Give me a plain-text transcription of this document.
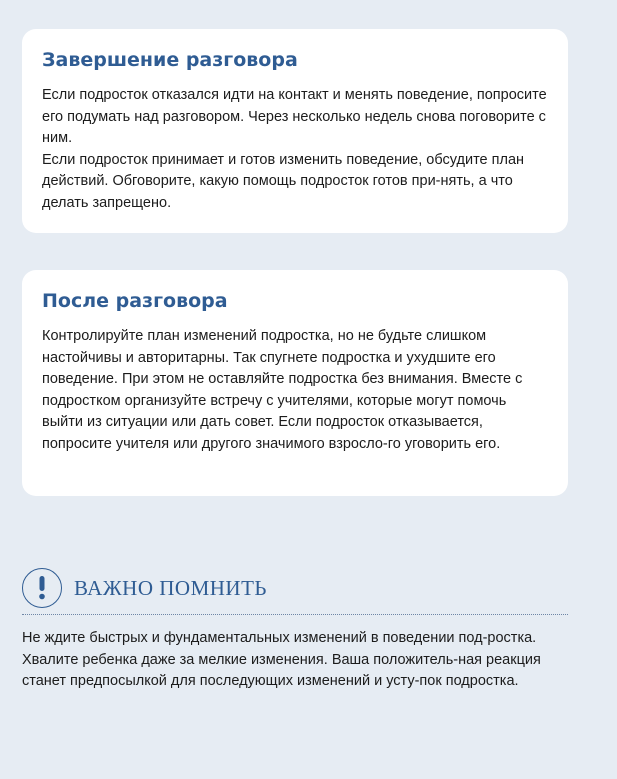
Завершение разговора

Если подросток отказался идти на контакт и менять поведение, попросите его подумать над разговором. Через несколько недель снова поговорите с ним.

Если подросток принимает и готов изменить поведение, обсудите план действий. Обговорите, какую помощь подросток готов при-нять, а что делать запрещено.

После разговора

Контролируйте план изменений подростка, но не будьте слишком настойчивы и авторитарны. Так спугнете подростка и ухудшите его поведение. При этом не оставляйте подростка без внимания. Вместе с подростком организуйте встречу с учителями, которые могут помочь выйти из ситуации или дать совет. Если подросток отказывается, попросите учителя или другого значимого взросло-го уговорить его.

ВАЖНО ПОМНИТЬ

Не ждите быстрых и фундаментальных изменений в поведении под-ростка. Хвалите ребенка даже за мелкие изменения. Ваша положитель-ная реакция станет предпосылкой для последующих изменений и усту-пок подростка.
